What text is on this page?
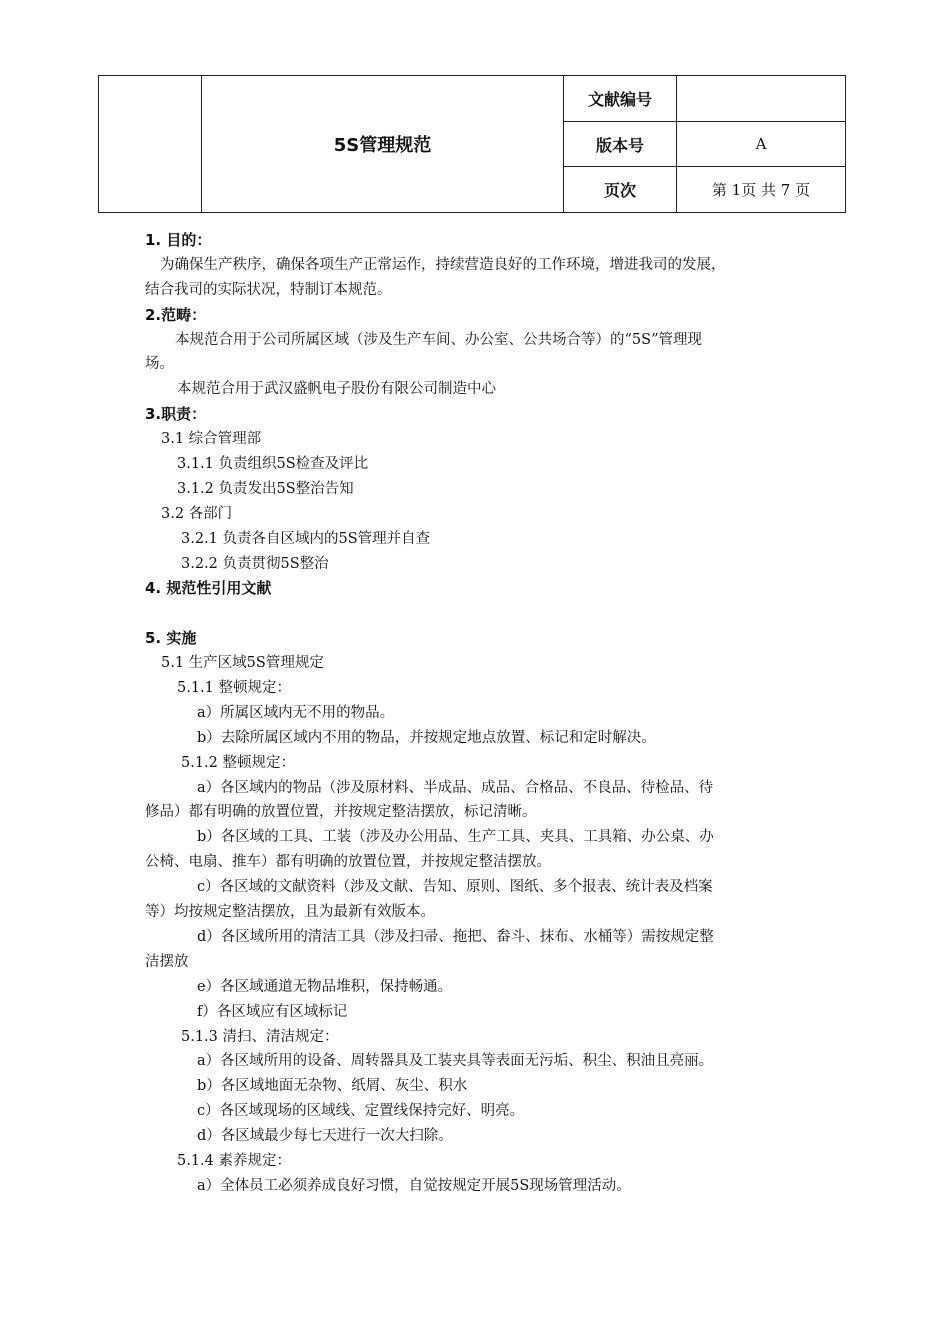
	5S管理规范	文献编号	
		版本号	A
		页次	第 1页 共 7 页
1. 目的：
为确保生产秩序，确保各项生产正常运作，持续营造良好的工作环境，增进我司的发展，
结合我司的实际状况，特制订本规范。
2.范畴：
本规范合用于公司所属区域（涉及生产车间、办公室、公共场合等）的“5S”管理现
场。
本规范合用于武汉盛帆电子股份有限公司制造中心
3.职责：
3.1 综合管理部
3.1.1 负责组织5S检查及评比
3.1.2 负责发出5S整治告知
3.2 各部门
3.2.1 负责各自区域内的5S管理并自查
3.2.2 负责贯彻5S整治
4. 规范性引用文献
5. 实施
5.1 生产区域5S管理规定
5.1.1 整顿规定：
a）所属区域内无不用的物品。
b）去除所属区域内不用的物品，并按规定地点放置、标记和定时解决。
5.1.2 整顿规定：
a）各区域内的物品（涉及原材料、半成品、成品、合格品、不良品、待检品、待
修品）都有明确的放置位置，并按规定整洁摆放，标记清晰。
b）各区域的工具、工装（涉及办公用品、生产工具、夹具、工具箱、办公桌、办
公椅、电扇、推车）都有明确的放置位置，并按规定整洁摆放。
c）各区域的文献资料（涉及文献、告知、原则、图纸、多个报表、统计表及档案
等）均按规定整洁摆放，且为最新有效版本。
d）各区域所用的清洁工具（涉及扫帚、拖把、畚斗、抹布、水桶等）需按规定整
洁摆放
e）各区域通道无物品堆积，保持畅通。
f）各区域应有区域标记
5.1.3 清扫、清洁规定：
a）各区域所用的设备、周转器具及工装夹具等表面无污垢、积尘、积油且亮丽。
b）各区域地面无杂物、纸屑、灰尘、积水
c）各区域现场的区域线、定置线保持完好、明亮。
d）各区域最少每七天进行一次大扫除。
5.1.4 素养规定：
a）全体员工必须养成良好习惯，自觉按规定开展5S现场管理活动。
